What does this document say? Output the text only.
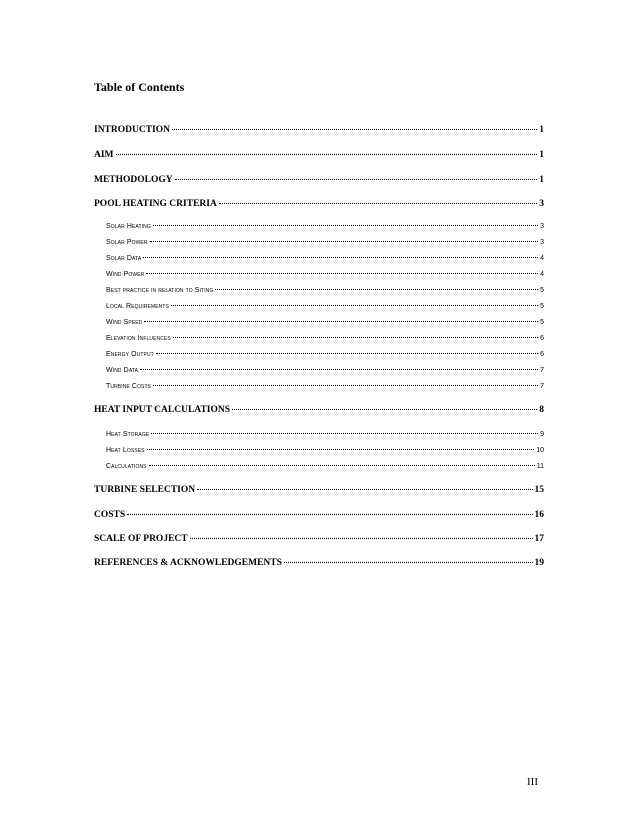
Table of Contents
INTRODUCTION	1
AIM	1
METHODOLOGY	1
POOL HEATING CRITERIA	3
Solar Heating	3
Solar Power	3
Solar Data	4
Wind Power	4
Best practice in relation to Siting	5
Local Requirements	5
Wind Speed	5
Elevation Influences	6
Energy Output	6
Wind Data	7
Turbine Costs	7
HEAT INPUT CALCULATIONS	8
Heat Storage	9
Heat Losses	10
Calculations	11
TURBINE SELECTION	15
COSTS	16
SCALE OF PROJECT	17
REFERENCES & ACKNOWLEDGEMENTS	19
III
